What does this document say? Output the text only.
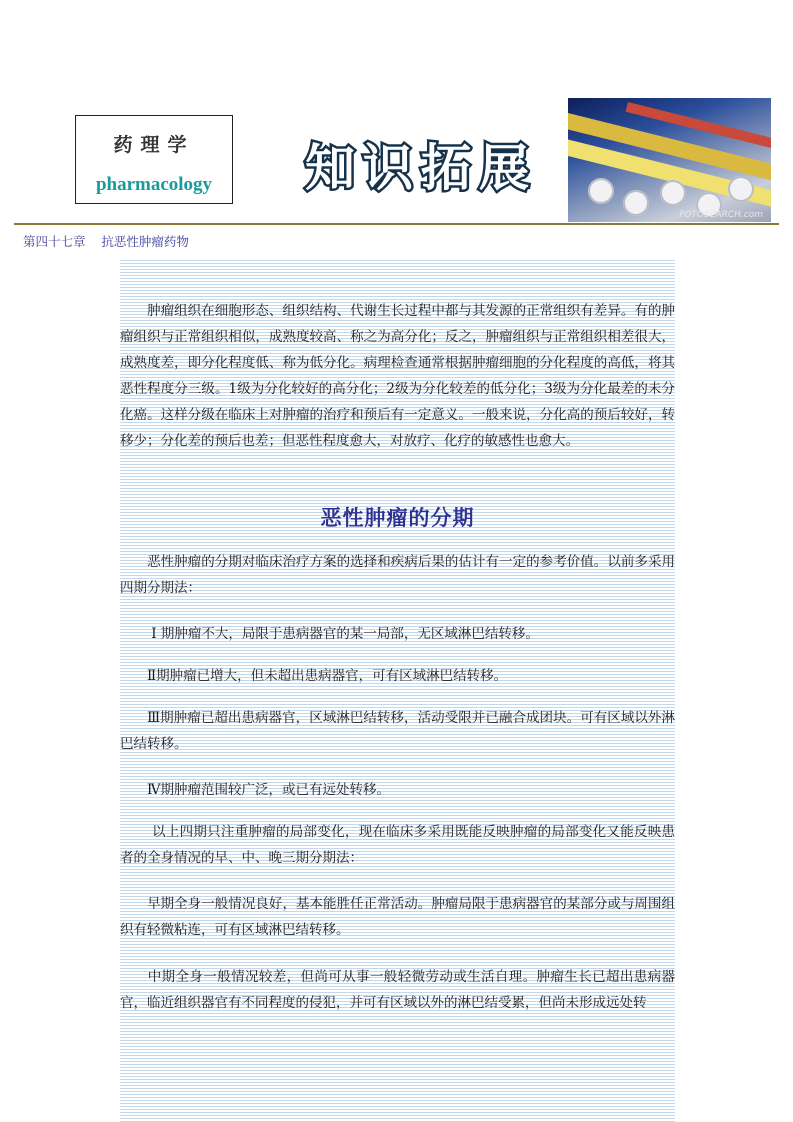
药理学
pharmacology	知识拓展
FOTOSEARCH.com
第四十七章    抗恶性肿瘤药物
　　肿瘤组织在细胞形态、组织结构、代谢生长过程中都与其发源的正常组织有差异。有的肿瘤组织与正常组织相似，成熟度较高、称之为高分化；反之，肿瘤组织与正常组织相差很大，成熟度差，即分化程度低、称为低分化。病理检查通常根据肿瘤细胞的分化程度的高低，将其恶性程度分三级。1级为分化较好的高分化；2级为分化较差的低分化；3级为分化最差的未分化癌。这样分级在临床上对肿瘤的治疗和预后有一定意义。一般来说，分化高的预后较好，转移少；分化差的预后也差；但恶性程度愈大，对放疗、化疗的敏感性也愈大。
恶性肿瘤的分期
　　恶性肿瘤的分期对临床治疗方案的选择和疾病后果的估计有一定的参考价值。以前多采用四期分期法：
　　 I 期肿瘤不大，局限于患病器官的某一局部，无区域淋巴结转移。
　　Ⅱ期肿瘤已增大，但未超出患病器官，可有区域淋巴结转移。
　　Ⅲ期肿瘤已超出患病器官，区域淋巴结转移，活动受限并已融合成团块。可有区域以外淋巴结转移。
　　Ⅳ期肿瘤范围较广泛，或已有远处转移。
　　 以上四期只注重肿瘤的局部变化，现在临床多采用既能反映肿瘤的局部变化又能反映患者的全身情况的早、中、晚三期分期法：
　　早期全身一般情况良好，基本能胜任正常活动。肿瘤局限于患病器官的某部分或与周围组织有轻微粘连，可有区域淋巴结转移。
　　中期全身一般情况较差，但尚可从事一般轻微劳动或生活自理。肿瘤生长已超出患病器官，临近组织器官有不同程度的侵犯，并可有区域以外的淋巴结受累，但尚未形成远处转
